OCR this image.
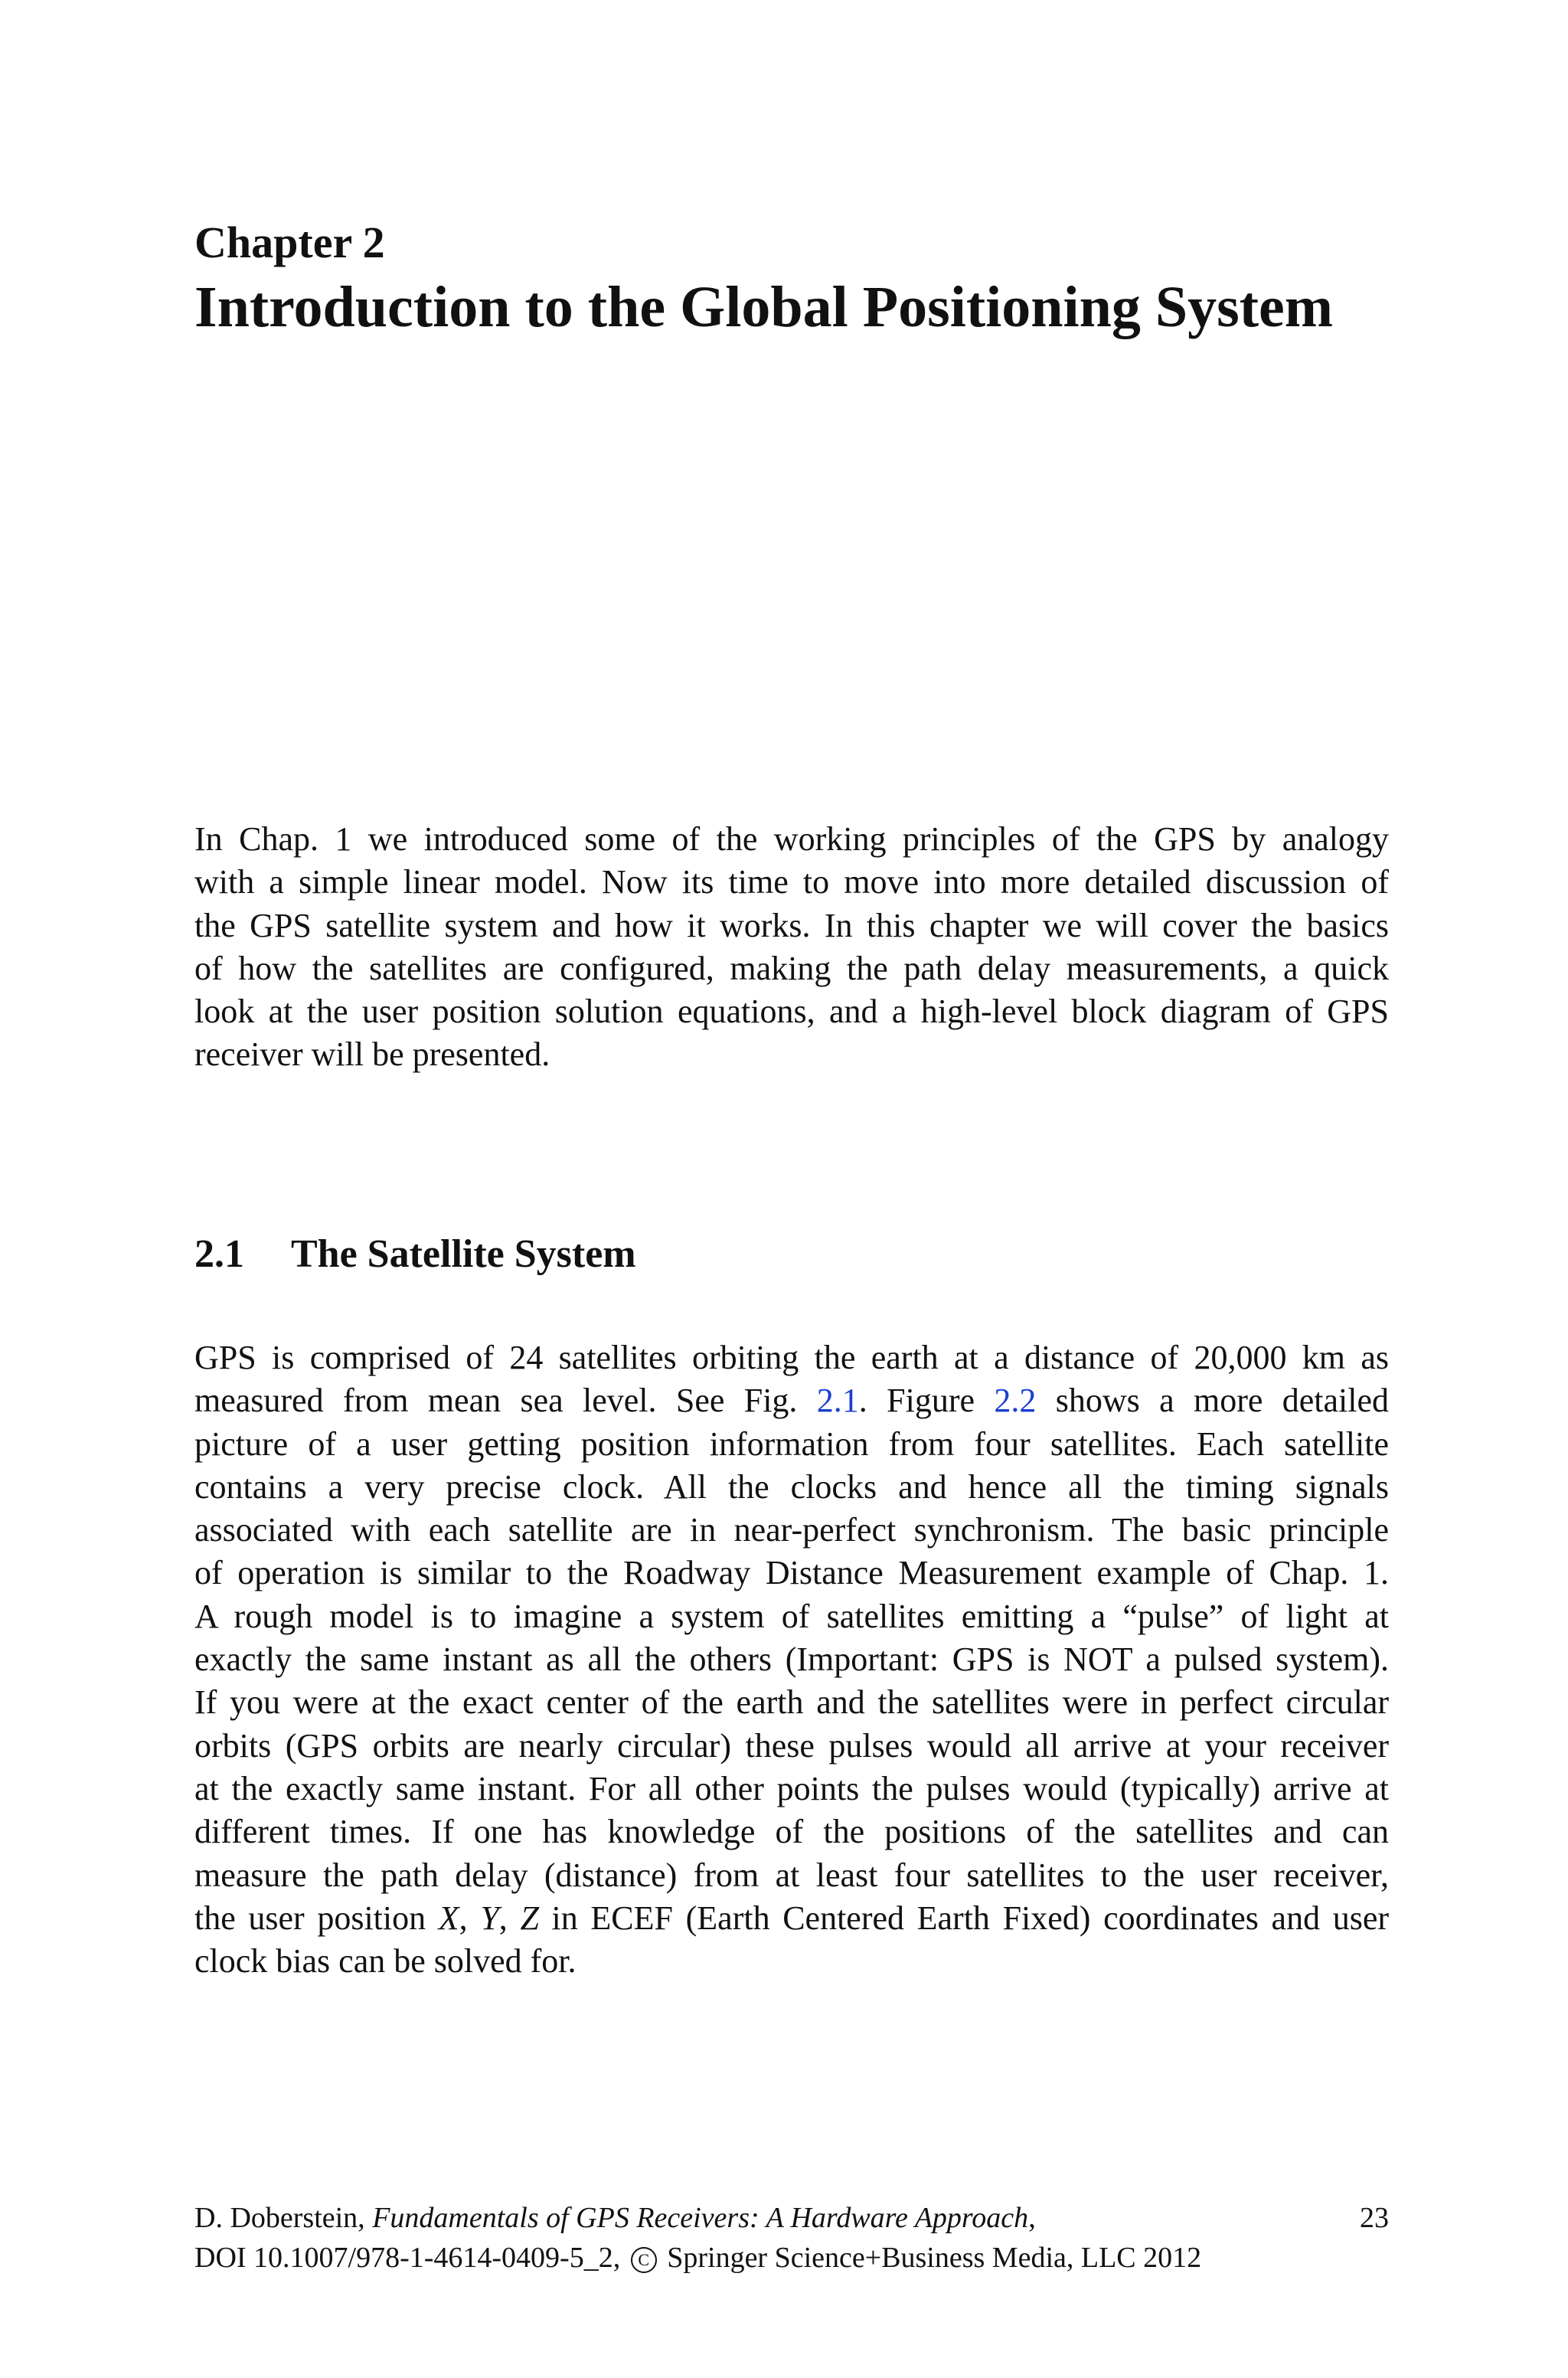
Chapter 2
Introduction to the Global Positioning System
In Chap. 1 we introduced some of the working principles of the GPS by analogy
with a simple linear model. Now its time to move into more detailed discussion of
the GPS satellite system and how it works. In this chapter we will cover the basics
of how the satellites are configured, making the path delay measurements, a quick
look at the user position solution equations, and a high-level block diagram of GPS
receiver will be presented.
2.1 The Satellite System
GPS is comprised of 24 satellites orbiting the earth at a distance of 20,000 km as
measured from mean sea level. See Fig. 2.1. Figure 2.2 shows a more detailed
picture of a user getting position information from four satellites. Each satellite
contains a very precise clock. All the clocks and hence all the timing signals
associated with each satellite are in near-perfect synchronism. The basic principle
of operation is similar to the Roadway Distance Measurement example of Chap. 1.
A rough model is to imagine a system of satellites emitting a “pulse” of light at
exactly the same instant as all the others (Important: GPS is NOT a pulsed system).
If you were at the exact center of the earth and the satellites were in perfect circular
orbits (GPS orbits are nearly circular) these pulses would all arrive at your receiver
at the exactly same instant. For all other points the pulses would (typically) arrive at
different times. If one has knowledge of the positions of the satellites and can
measure the path delay (distance) from at least four satellites to the user receiver,
the user position X, Y, Z in ECEF (Earth Centered Earth Fixed) coordinates and user
clock bias can be solved for.
D. Doberstein, Fundamentals of GPS Receivers: A Hardware Approach,	23
DOI 10.1007/978-1-4614-0409-5_2, C Springer Science+Business Media, LLC 2012
